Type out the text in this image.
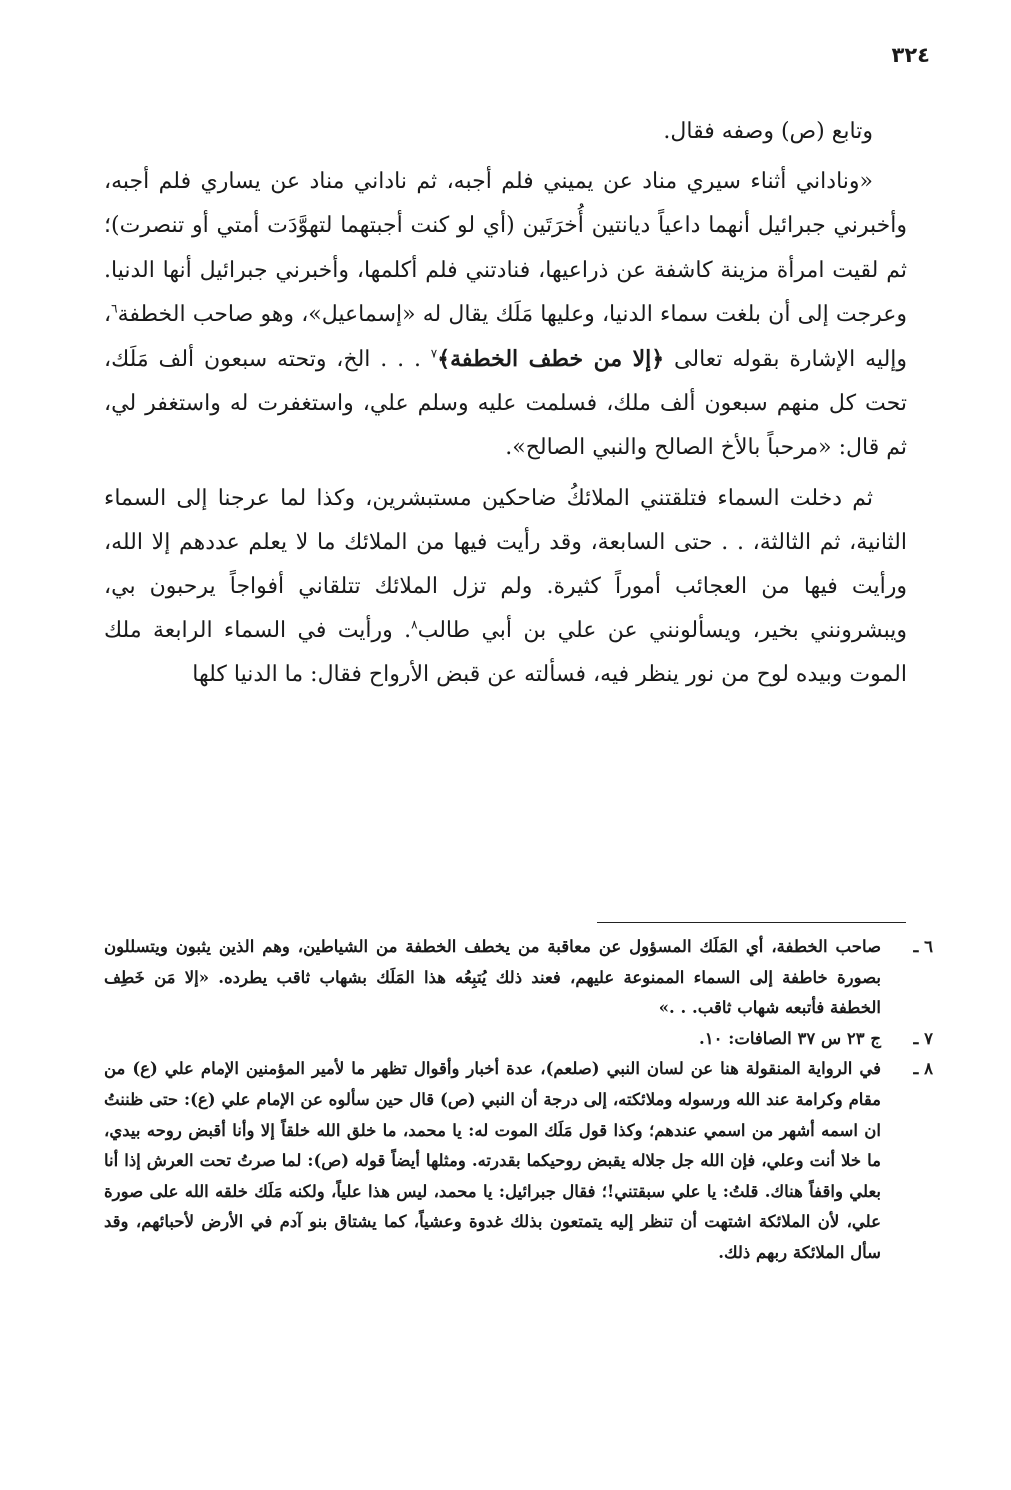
٣٢٤

وتابع (ص) وصفه فقال.

«وناداني أثناء سيري مناد عن يميني فلم أجبه، ثم ناداني مناد عن يساري فلم أجبه، وأخبرني جبرائيل أنهما داعياً ديانتين أُخرَتَين (أي لو كنت أجبتهما لتهوَّدَت أمتي أو تنصرت)؛ ثم لقيت امرأة مزينة كاشفة عن ذراعيها، فنادتني فلم أكلمها، وأخبرني جبرائيل أنها الدنيا. وعرجت إلى أن بلغت سماء الدنيا، وعليها مَلَك يقال له «إسماعيل»، وهو صاحب الخطفة$^٦$، وإليه الإشارة بقوله تعالى ﴿إلا من خطف الخطفة﴾$^٧$ . . . الخ، وتحته سبعون ألف مَلَك، تحت كل منهم سبعون ألف ملك، فسلمت عليه وسلم علي، واستغفرت له واستغفر لي، ثم قال: «مرحباً بالأخ الصالح والنبي الصالح».

ثم دخلت السماء فتلقتني الملائكُ ضاحكين مستبشرين، وكذا لما عرجنا إلى السماء الثانية، ثم الثالثة، . . حتى السابعة، وقد رأيت فيها من الملائك ما لا يعلم عددهم إلا الله، ورأيت فيها من العجائب أموراً كثيرة. ولم تزل الملائك تتلقاني أفواجاً يرحبون بي، ويبشرونني بخير، ويسألونني عن علي بن أبي طالب$^٨$. ورأيت في السماء الرابعة ملك الموت وبيده لوح من نور ينظر فيه، فسألته عن قبض الأرواح فقال: ما الدنيا كلها

٦ ـصاحب الخطفة، أي المَلَك المسؤول عن معاقبة من يخطف الخطفة من الشياطين، وهم الذين يثبون ويتسللون بصورة خاطفة إلى السماء الممنوعة عليهم، فعند ذلك يُتبِعُه هذا المَلَك بشهاب ثاقب يطرده. «إلا مَن خَطِف الخطفة فأتبعه شهاب ثاقب. . .»
٧ ـج ٢٣ س ٣٧ الصافات: ١٠.
٨ ـفي الرواية المنقولة هنا عن لسان النبي (صلعم)، عدة أخبار وأقوال تظهر ما لأمير المؤمنين الإمام علي (ع) من مقام وكرامة عند الله ورسوله وملائكته، إلى درجة أن النبي (ص) قال حين سألوه عن الإمام علي (ع): حتى ظننتُ ان اسمه أشهر من اسمي عندهم؛ وكذا قول مَلَك الموت له: يا محمد، ما خلق الله خلقاً إلا وأنا أقبض روحه بيدي، ما خلا أنت وعلي، فإن الله جل جلاله يقبض روحيكما بقدرته. ومثلها أيضاً قوله (ص): لما صرتُ تحت العرش إذا أنا بعلي واقفاً هناك. قلتُ: يا علي سبقتني!؛ فقال جبرائيل: يا محمد، ليس هذا علياً، ولكنه مَلَك خلقه الله على صورة علي، لأن الملائكة اشتهت أن تنظر إليه يتمتعون بذلك غدوة وعشياً، كما يشتاق بنو آدم في الأرض لأحبائهم، وقد سأل الملائكة ربهم ذلك.
